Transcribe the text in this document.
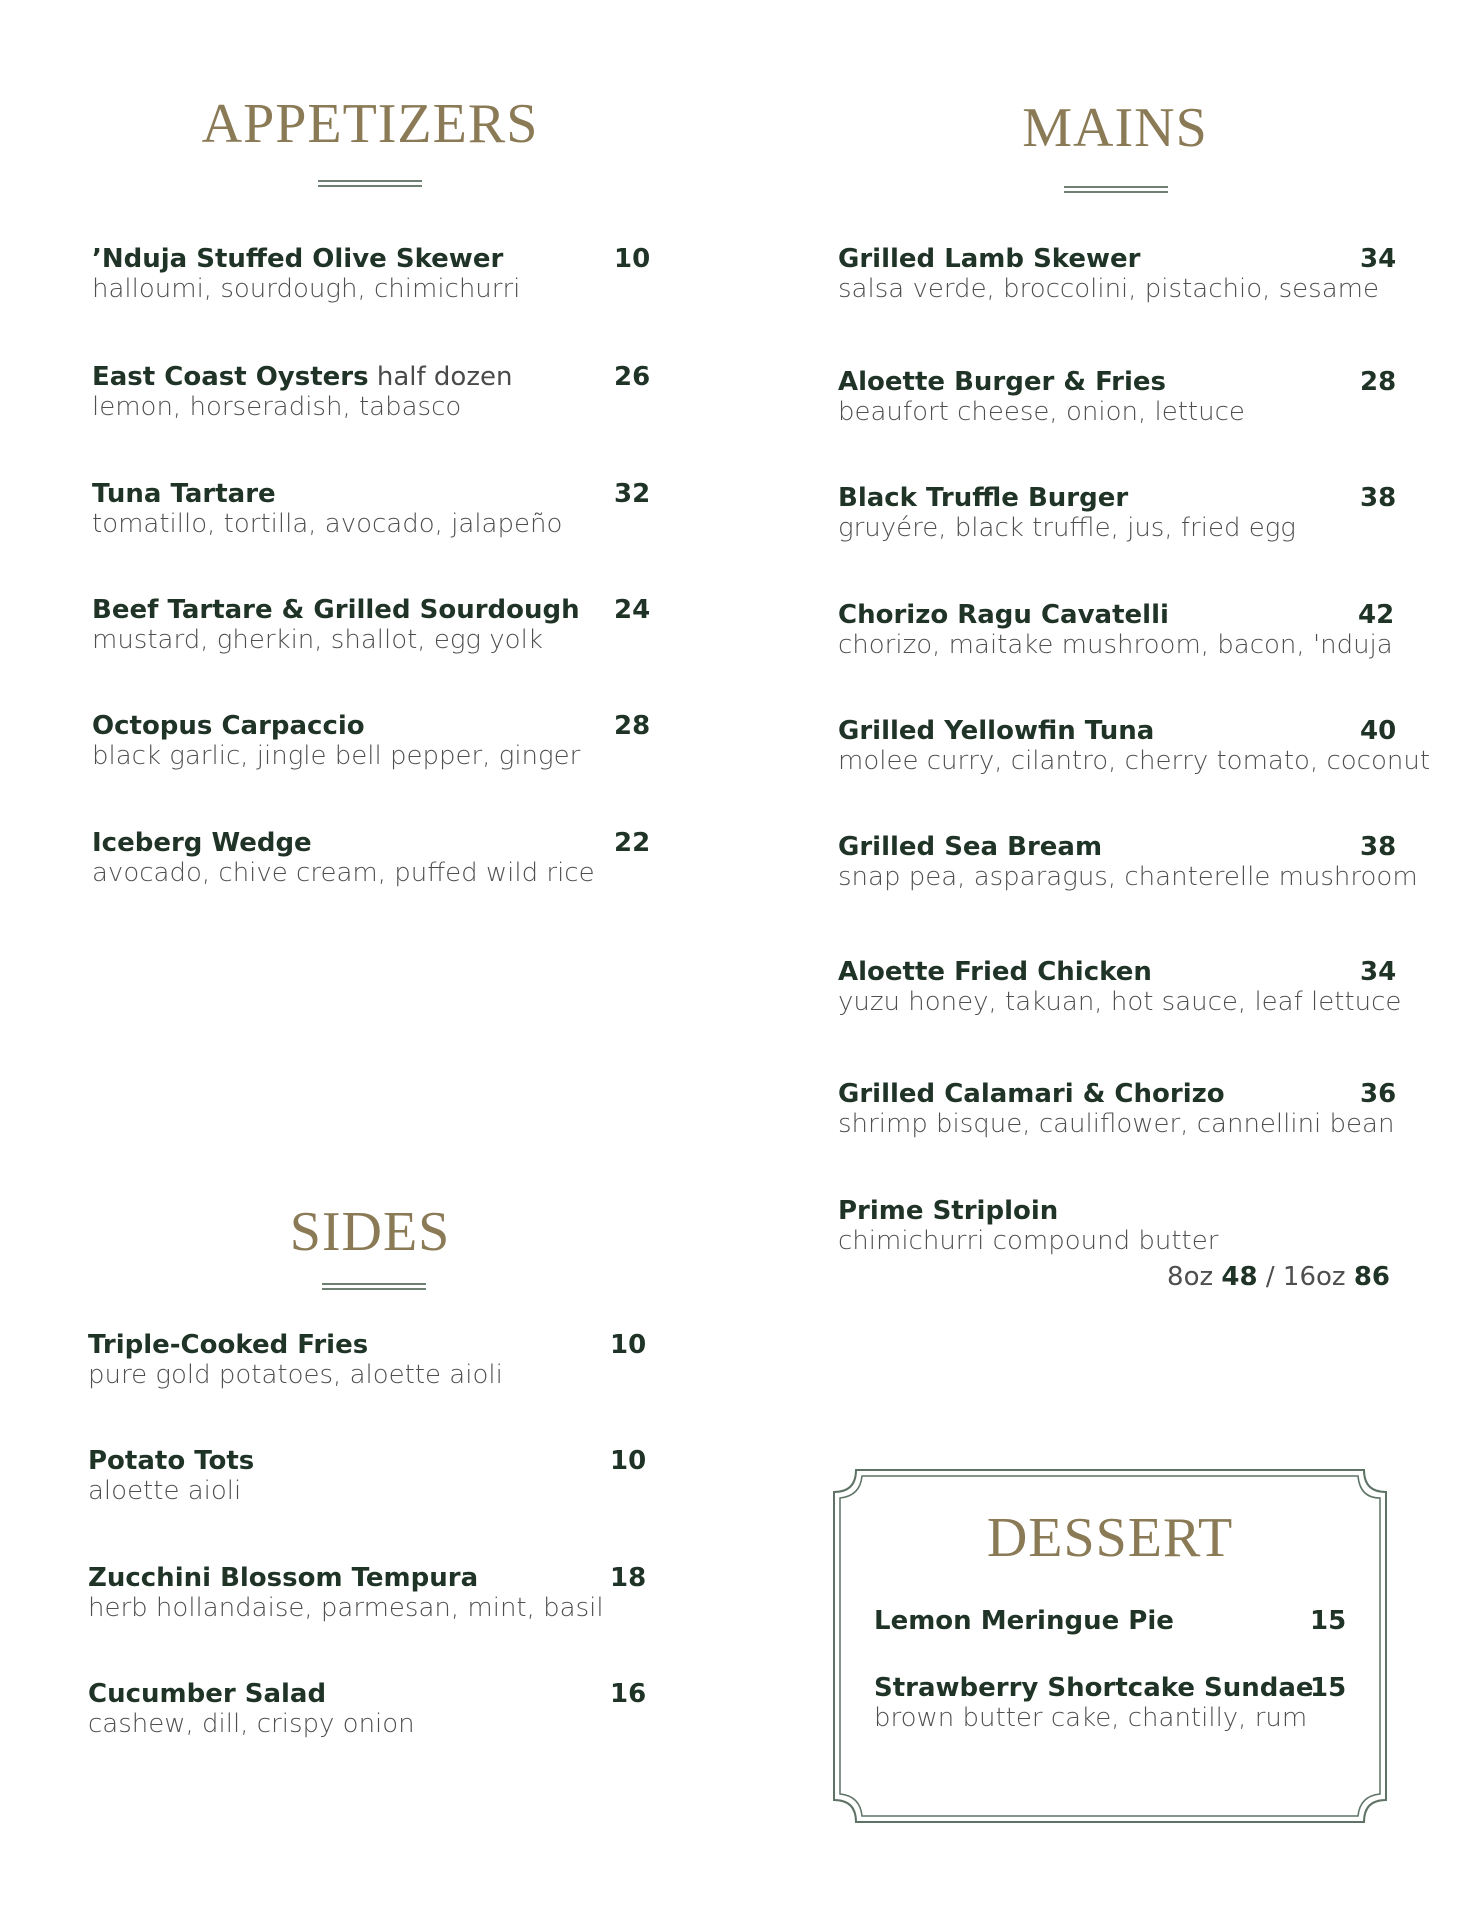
APPETIZERS
’Nduja Stuffed Olive Skewer
halloumi, sourdough, chimichurri
10
East Coast Oysters half dozen
lemon, horseradish, tabasco
26
Tuna Tartare
tomatillo, tortilla, avocado, jalapeño
32
Beef Tartare & Grilled Sourdough
mustard, gherkin, shallot, egg yolk
24
Octopus Carpaccio
black garlic, jingle bell pepper, ginger
28
Iceberg Wedge
avocado, chive cream, puffed wild rice
22
MAINS
Grilled Lamb Skewer
salsa verde, broccolini, pistachio, sesame
34
Aloette Burger & Fries
beaufort cheese, onion, lettuce
28
Black Truffle Burger
gruyére, black truffle, jus, fried egg
38
Chorizo Ragu Cavatelli
chorizo, maitake mushroom, bacon, 'nduja
42
Grilled Yellowfin Tuna
molee curry, cilantro, cherry tomato, coconut
40
Grilled Sea Bream
snap pea, asparagus, chanterelle mushroom
38
Aloette Fried Chicken
yuzu honey, takuan, hot sauce, leaf lettuce
34
Grilled Calamari & Chorizo
shrimp bisque, cauliflower, cannellini bean
36
Prime Striploin
chimichurri compound butter
8oz 48 / 16oz 86
SIDES
Triple-Cooked Fries
pure gold potatoes, aloette aioli
10
Potato Tots
aloette aioli
10
Zucchini Blossom Tempura
herb hollandaise, parmesan, mint, basil
18
Cucumber Salad
cashew, dill, crispy onion
16
DESSERT
Lemon Meringue Pie	15
Strawberry Shortcake Sundae
brown butter cake, chantilly, rum
15
